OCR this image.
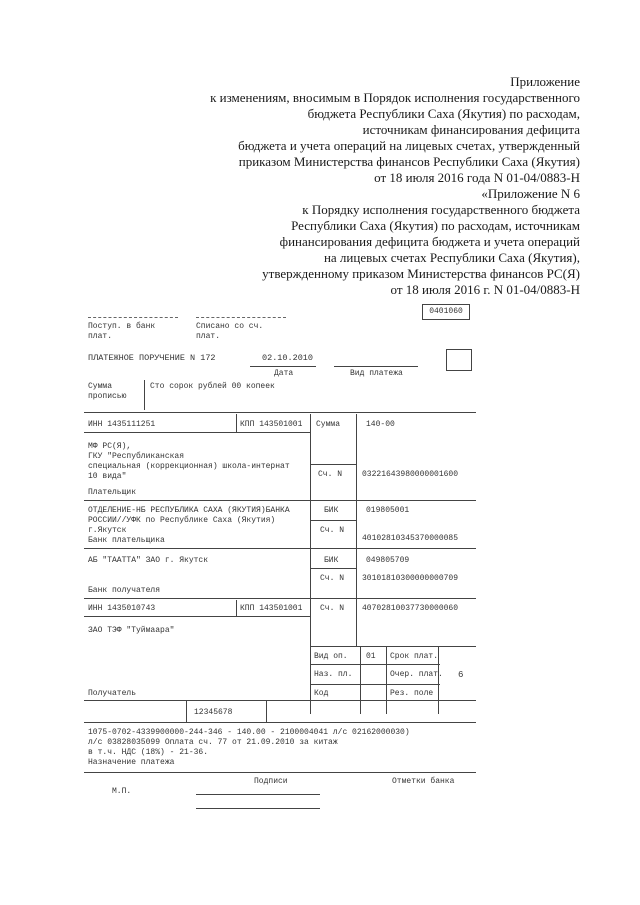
Приложение
к изменениям, вносимым в Порядок исполнения государственного
бюджета Республики Саха (Якутия) по расходам,
источникам финансирования дефицита
бюджета и учета операций на лицевых счетах, утвержденный
приказом Министерства финансов Республики Саха (Якутия)
от 18 июля 2016 года N 01-04/0883-Н
«Приложение N 6
к Порядку исполнения государственного бюджета
Республики Саха (Якутия) по расходам, источникам
финансирования дефицита бюджета и учета операций
на лицевых счетах Республики Саха (Якутия),
утвержденному приказом Министерства финансов РС(Я)
от 18 июля 2016 г. N 01-04/0883-Н
0401060
Поступ. в банк
плат.
Списано со сч.
плат.
ПЛАТЕЖНОЕ ПОРУЧЕНИЕ N 172	02.10.2010
Дата	Вид платежа
Сумма
прописью
Сто сорок рублей 00 копеек
ИНН 1435111251	КПП 143501001 Сумма	140-00
МФ РС(Я),
ГКУ "Республиканская
специальная (коррекционная) школа-интернат
10 вида"	Сч. N 03221643980000001600
Плательщик
ОТДЕЛЕНИЕ-НБ РЕСПУБЛИКА САХА (ЯКУТИЯ)БАНКА
РОССИИ//УФК по Республике Саха (Якутия)
г.Якутск
Банк плательщика
БИК	019805001
Сч. N
40102810345370000085
АБ "ТААТТА" ЗАО г. Якутск	БИК	049805709
Сч. N 30101810300000000709
Банк получателя
ИНН 1435010743	КПП 143501001 Сч. N 40702810037730000060
ЗАО ТЭФ "Туймаара"
Вид оп. 01 Срок плат.
Наз. пл.	Очер. плат. 6
Код	Рез. поле
Получатель
12345678
1075-0702-4339900000-244-346 - 140.00 - 2100004041 л/с 02162000030)
л/с 03828035099 Оплата сч. 77 от 21.09.2010 за китаж
в т.ч. НДС (18%) - 21-36.
Назначение платежа
Подписи	Отметки банка
М.П.
